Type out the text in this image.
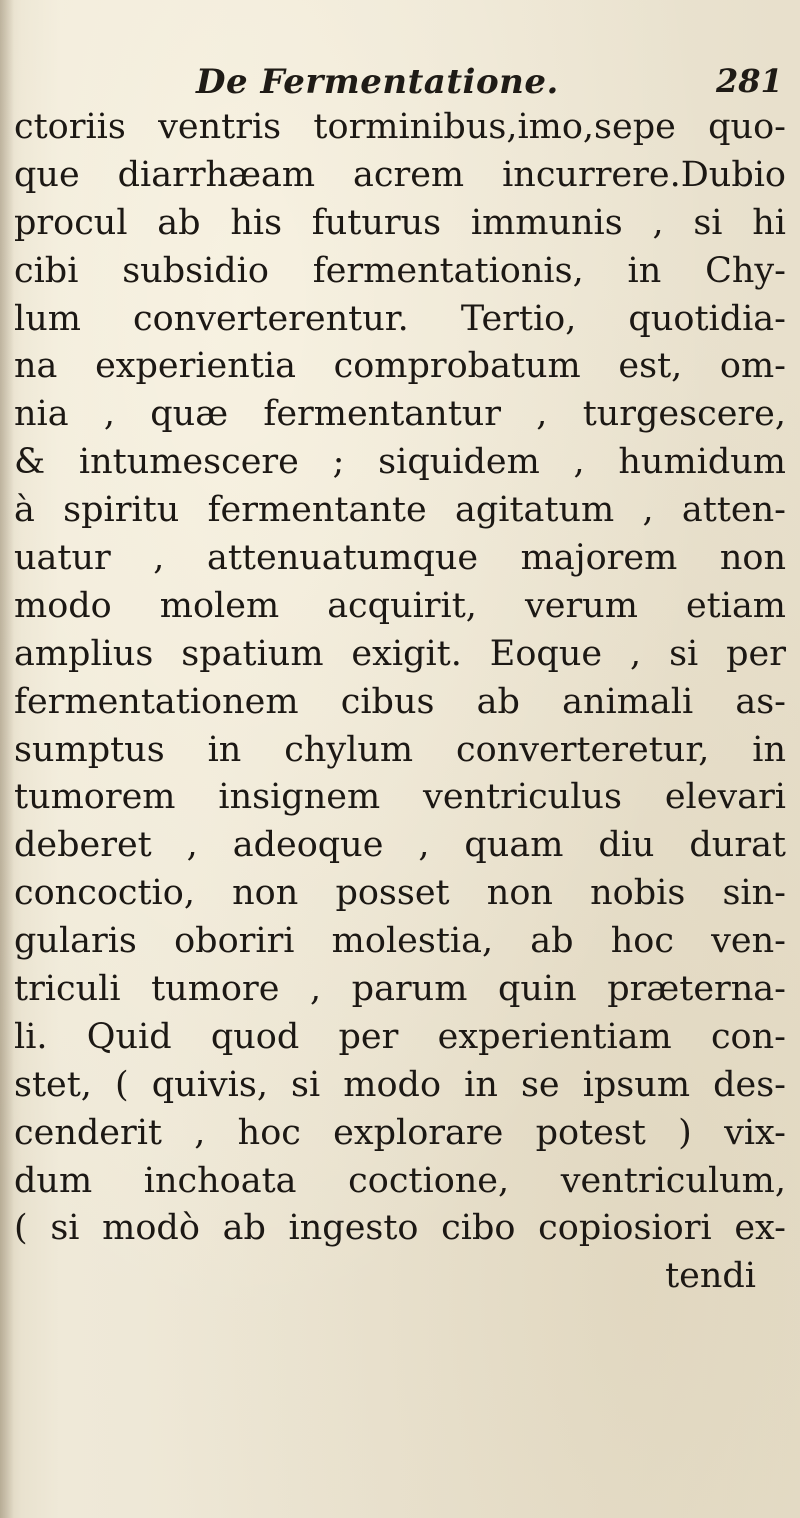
De Fermentatione.	281
ctoriis ventris torminibus,imo,sepe quo-
que diarrhæam acrem incurrere.Dubio
procul ab his futurus immunis , si hi
cibi subsidio fermentationis, in Chy-
lum converterentur. Tertio, quotidia-
na experientia comprobatum est, om-
nia , quæ fermentantur , turgescere,
& intumescere ; siquidem , humidum
à spiritu fermentante agitatum , atten-
uatur , attenuatumque majorem non
modo molem acquirit, verum etiam
amplius spatium exigit. Eoque , si per
fermentationem cibus ab animali as-
sumptus in chylum converteretur, in
tumorem insignem ventriculus elevari
deberet , adeoque , quam diu durat
concoctio, non posset non nobis sin-
gularis oboriri molestia, ab hoc ven-
triculi tumore , parum quin præterna-
li. Quid quod per experientiam con-
stet, ( quivis, si modo in se ipsum des-
cenderit , hoc explorare potest ) vix-
dum inchoata coctione, ventriculum,
( si modò ab ingesto cibo copiosiori ex-
tendi
